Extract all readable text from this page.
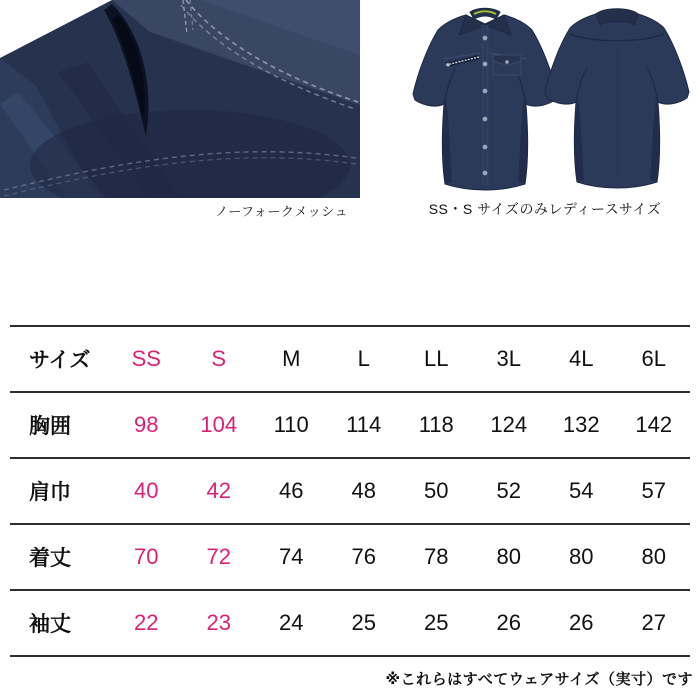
ノーフォークメッシュ	SS・S サイズのみレディースサイズ
サイズ	SS	S	M	L	LL	3L	4L	6L
胸囲	98	104	110	114	118	124	132	142
肩巾	40	42	46	48	50	52	54	57
着丈	70	72	74	76	78	80	80	80
袖丈	22	23	24	25	25	26	26	27
※これらはすべてウェアサイズ（実寸）です
